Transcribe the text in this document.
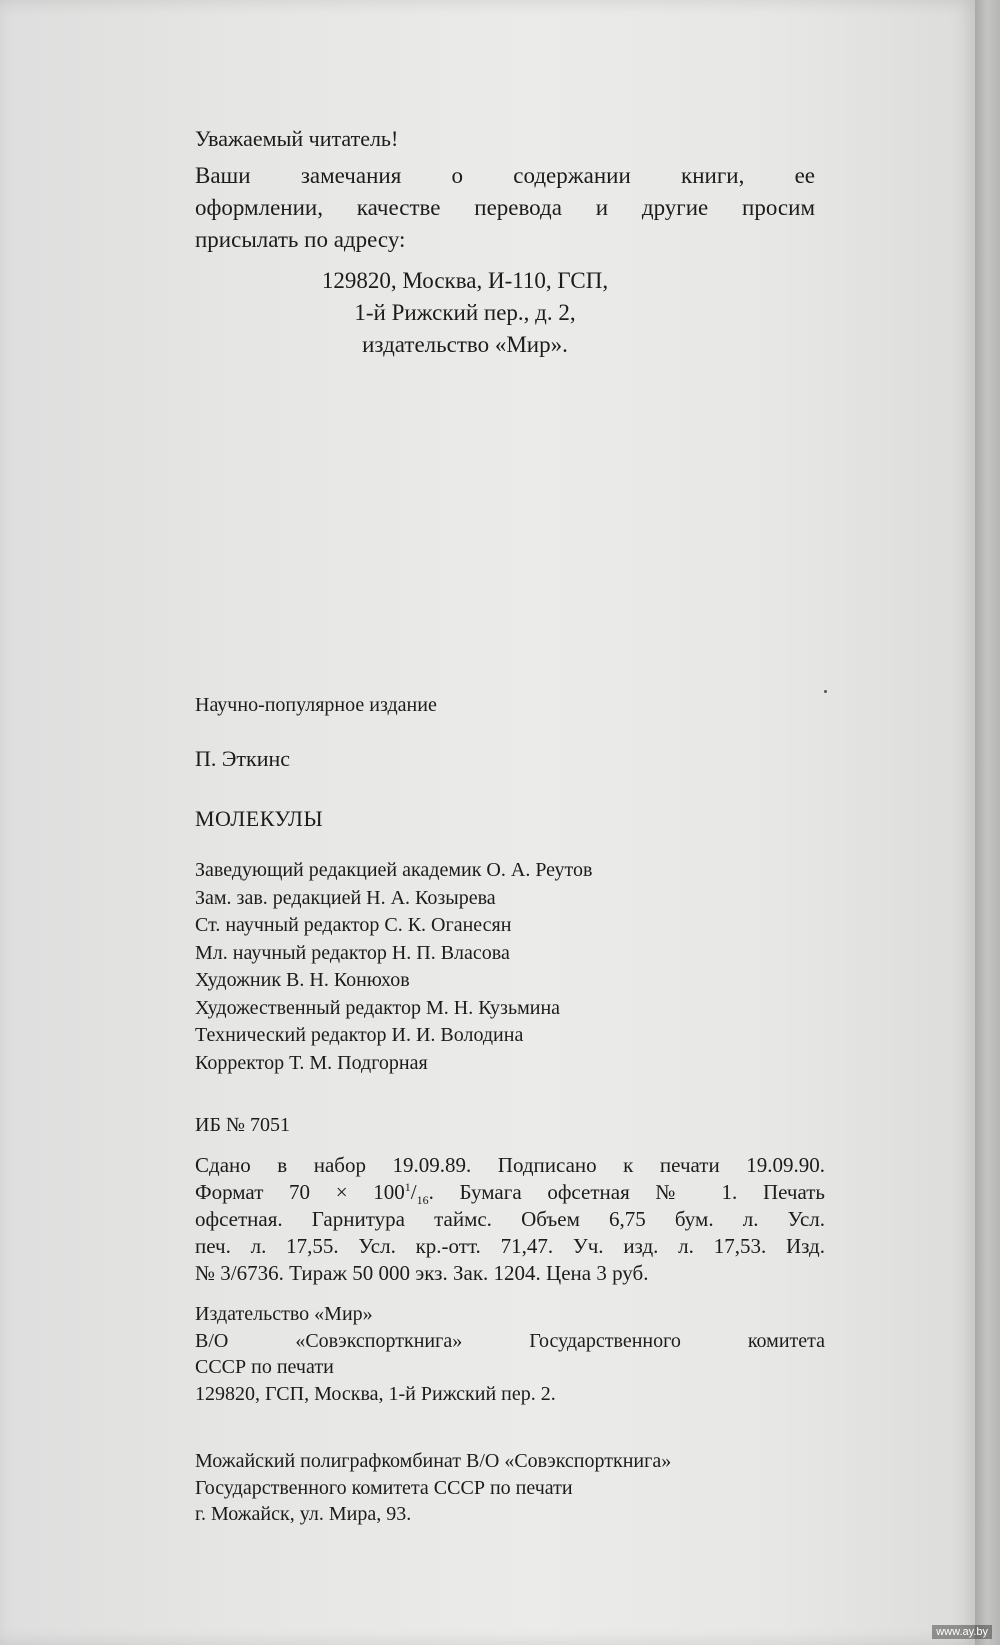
Уважаемый читатель!
Ваши замечания о содержании книги, ее
оформлении, качестве перевода и другие просим
присылать по адресу:
129820, Москва, И-110, ГСП,
1-й Рижский пер., д. 2,
издательство «Мир».
Научно-популярное издание
П. Эткинс
МОЛЕКУЛЫ
Заведующий редакцией академик О. А. Реутов
Зам. зав. редакцией Н. А. Козырева
Ст. научный редактор С. К. Оганесян
Мл. научный редактор Н. П. Власова
Художник В. Н. Конюхов
Художественный редактор М. Н. Кузьмина
Технический редактор И. И. Володина
Корректор Т. М. Подгорная
ИБ № 7051
Сдано в набор 19.09.89. Подписано к печати 19.09.90.
Формат $70 \times 100^1/_{16}$. Бумага офсетная № 1. Печать
офсетная. Гарнитура таймс. Объем 6,75 бум. л. Усл.
печ. л. 17,55. Усл. кр.-отт. 71,47. Уч. изд. л. 17,53. Изд.
№ 3/6736. Тираж 50 000 экз. Зак. 1204. Цена 3 руб.
Издательство «Мир»
В/О «Совэкспорткнига» Государственного комитета
СССР по печати
129820, ГСП, Москва, 1-й Рижский пер. 2.
Можайский полиграфкомбинат В/О «Совэкспорткнига»
Государственного комитета СССР по печати
г. Можайск, ул. Мира, 93.
www.ay.by
